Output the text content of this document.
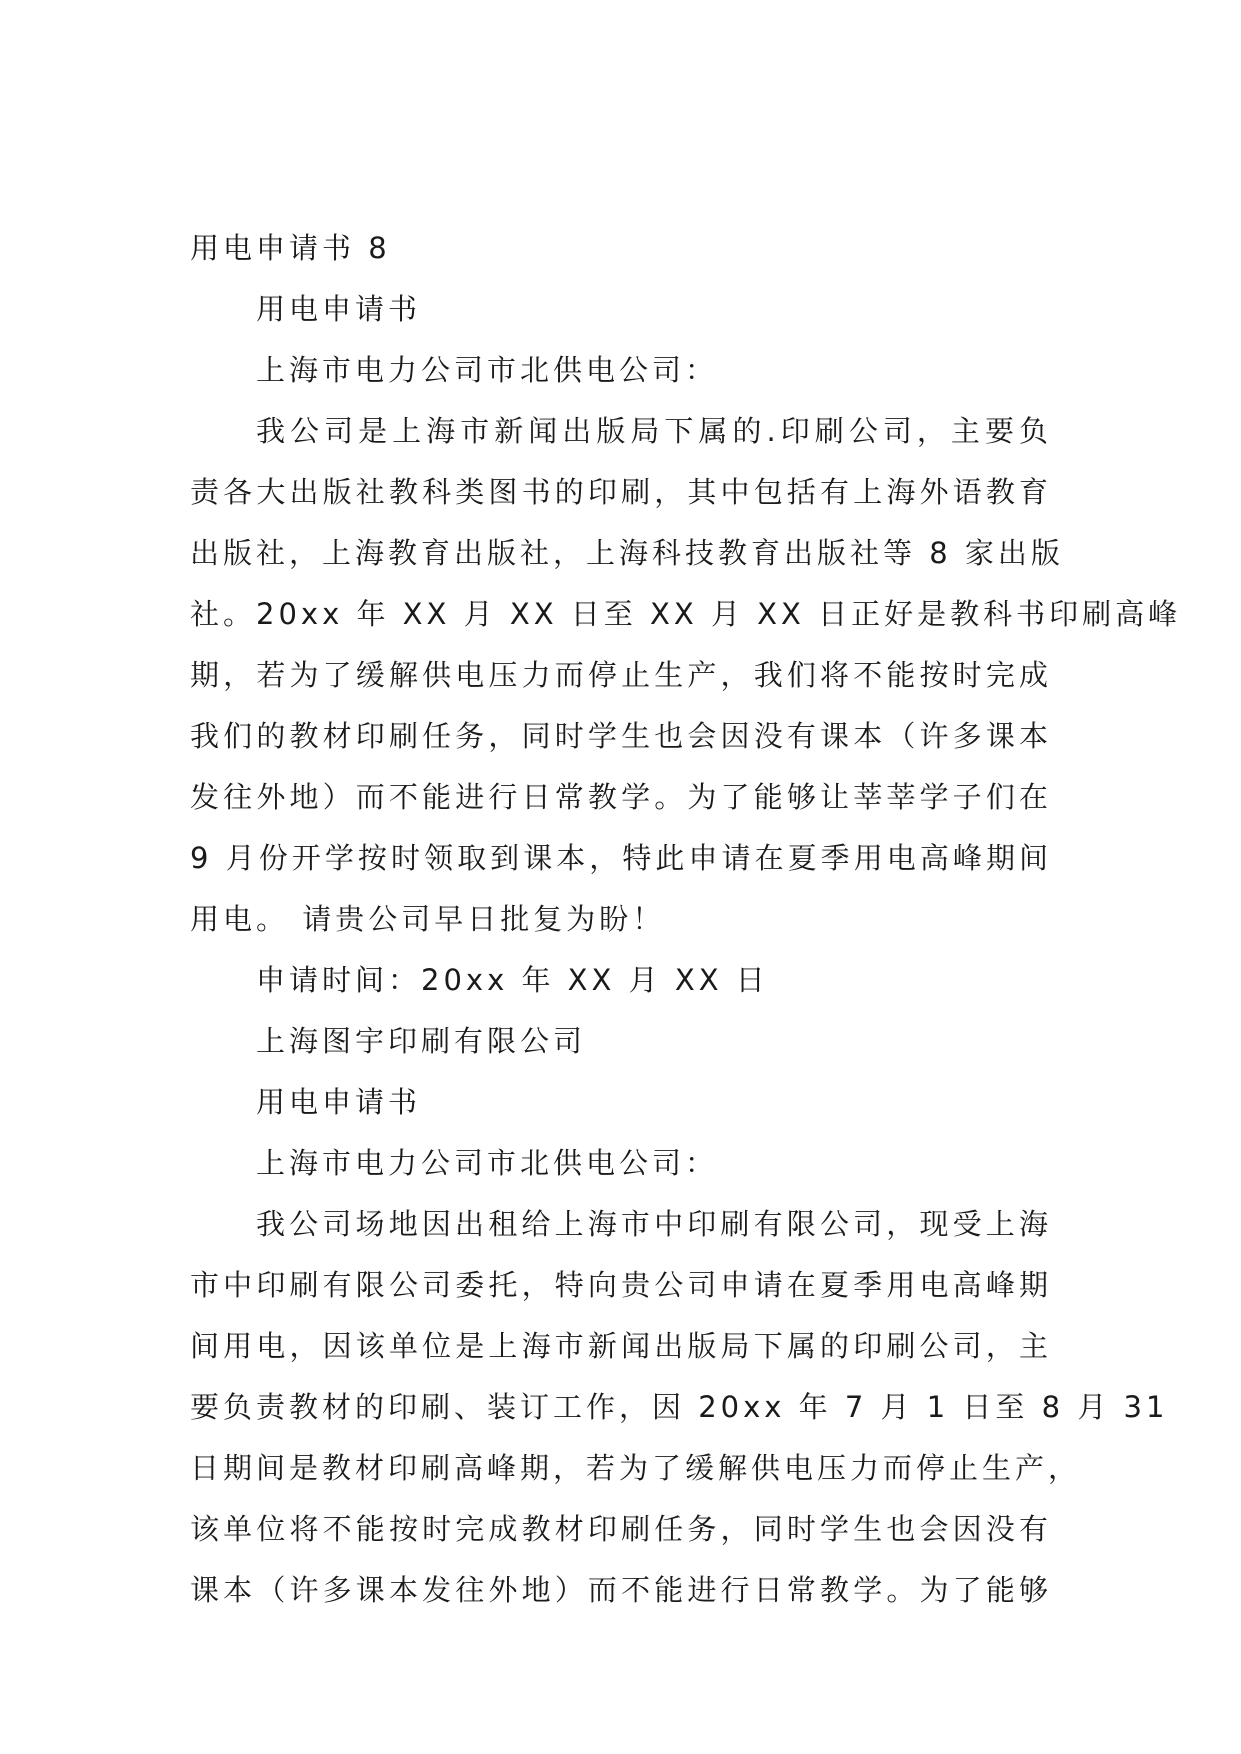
用电申请书 8
用电申请书
上海市电力公司市北供电公司：
我公司是上海市新闻出版局下属的.印刷公司，主要负
责各大出版社教科类图书的印刷，其中包括有上海外语教育
出版社，上海教育出版社，上海科技教育出版社等 8 家出版
社。20xx 年 XX 月 XX 日至 XX 月 XX 日正好是教科书印刷高峰
期，若为了缓解供电压力而停止生产，我们将不能按时完成
我们的教材印刷任务，同时学生也会因没有课本（许多课本
发往外地）而不能进行日常教学。为了能够让莘莘学子们在
9 月份开学按时领取到课本，特此申请在夏季用电高峰期间
用电。 请贵公司早日批复为盼！
申请时间：20xx 年 XX 月 XX 日
上海图宇印刷有限公司
用电申请书
上海市电力公司市北供电公司：
我公司场地因出租给上海市中印刷有限公司，现受上海
市中印刷有限公司委托，特向贵公司申请在夏季用电高峰期
间用电，因该单位是上海市新闻出版局下属的印刷公司，主
要负责教材的印刷、装订工作，因 20xx 年 7 月 1 日至 8 月 31
日期间是教材印刷高峰期，若为了缓解供电压力而停止生产，
该单位将不能按时完成教材印刷任务，同时学生也会因没有
课本（许多课本发往外地）而不能进行日常教学。为了能够
